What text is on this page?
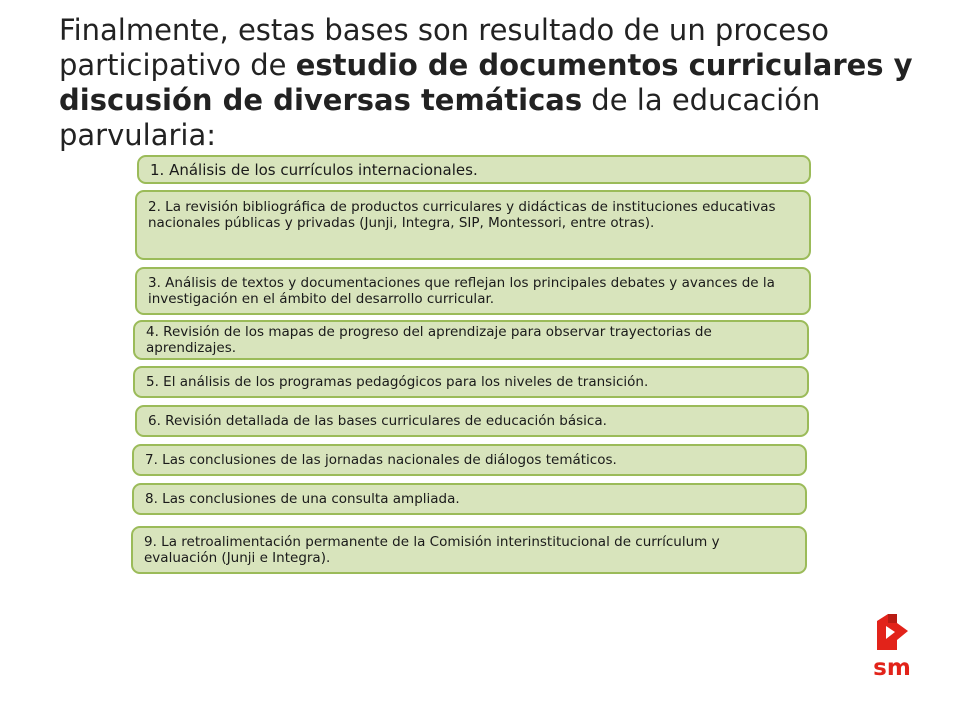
Finalmente, estas bases son resultado de un proceso participativo de estudio de documentos curriculares y discusión de diversas temáticas de la educación parvularia:
1. Análisis de los currículos internacionales.
2. La revisión bibliográfica de productos curriculares y didácticas de instituciones educativas nacionales públicas y privadas (Junji, Integra, SIP, Montessori, entre otras).
3. Análisis de textos y documentaciones que reflejan los principales debates y avances de la investigación en el ámbito del desarrollo curricular.
4. Revisión de los mapas de progreso del aprendizaje para observar trayectorias de aprendizajes.
5. El análisis de los programas pedagógicos para los niveles de transición.
6. Revisión detallada de las bases curriculares de educación básica.
7. Las conclusiones de las jornadas nacionales de diálogos temáticos.
8. Las conclusiones de una consulta ampliada.
9. La retroalimentación permanente de la Comisión interinstitucional de currículum y evaluación (Junji e Integra).
sm
